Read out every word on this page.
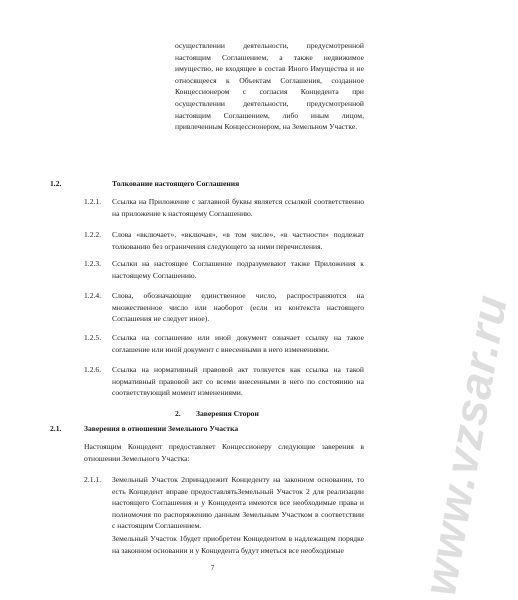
осуществлении деятельности, предусмотренной настоящим Соглашением, а также недвижимое имущество, не входящее в состав Иного Имущества и не относящееся к Объектам Соглашения, созданное Концессионером с согласия Концедента при осуществлении деятельности, предусмотренной настоящим Соглашением, либо иным лицом, привлеченным Концессионером, на Земельном Участке.

1.2.	Толкование настоящего Соглашения
1.2.1. Ссылка на Приложение с заглавной буквы является ссылкой соответственно на приложение к настоящему Соглашению.

1.2.2. Слова «включает», «включая», «в том числе», «в частности» подлежат толкованию без ограничения следующего за ними перечисления.

1.2.3. Ссылки на настоящее Соглашение подразумевают также Приложения к настоящему Соглашению.

1.2.4. Слова, обозначающие единственное число, распространяются на множественное число или наоборот (если из контекста настоящего Соглашения не следует иное).

1.2.5. Ссылка на соглашение или иной документ означает ссылку на такое соглашение или иной документ с внесенными в него изменениями.

1.2.6. Ссылка на нормативный правовой акт толкуется как ссылка на такой нормативный правовой акт со всеми внесенными в него по состоянию на соответствующий момент изменениями.

2. Заверения Сторон
2.1.	Заверения в отношении Земельного Участка

Настоящим Концедент предоставляет Концессионеру следующие заверения в отношении Земельного Участка:

2.1.1. Земельный Участок 2принадлежит Концеденту на законном основании, то есть Концедент вправе предоставлятьЗемельный Участок 2 для реализации настоящего Соглашения и у Концедента имеются все необходимые права и полномочия по распоряжению данным Земельным Участком в соответствии с настоящим Соглашением.

Земельный Участок 1будет приобретен Концедентом в надлежащем порядке на законном основании и у Концедента будут иметься все необходимые

7	www.vzsar.ru
